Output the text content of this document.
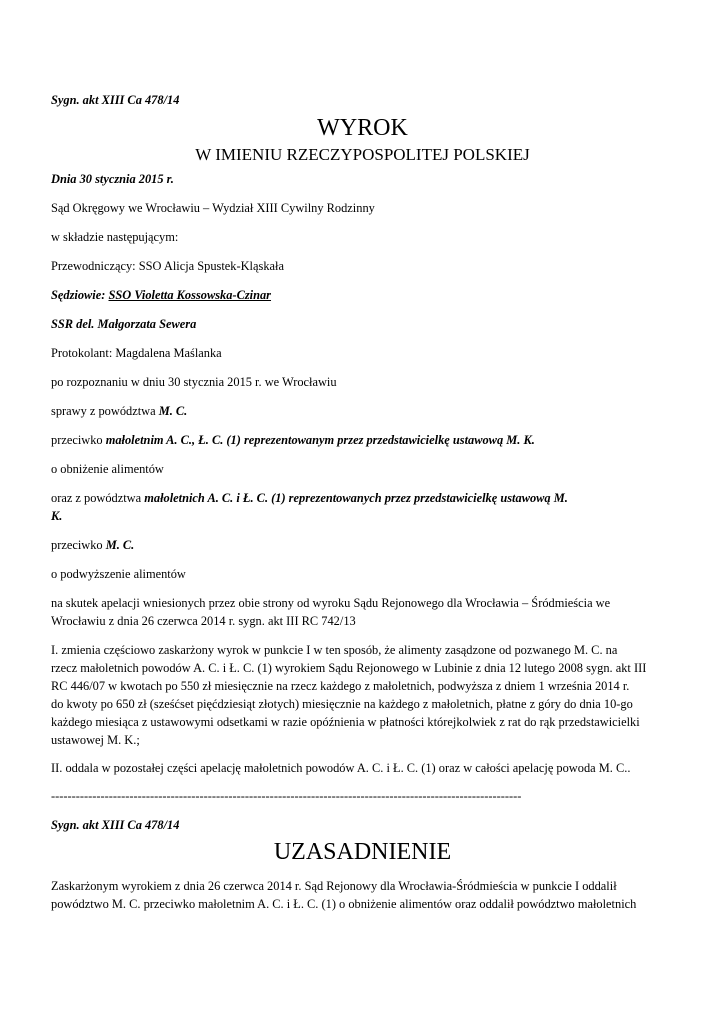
Sygn. akt XIII Ca 478/14
WYROK
W IMIENIU RZECZYPOSPOLITEJ POLSKIEJ
Dnia 30 stycznia 2015 r.
Sąd Okręgowy we Wrocławiu – Wydział XIII Cywilny Rodzinny
w składzie następującym:
Przewodniczący: SSO Alicja Spustek-Kląskała
Sędziowie: SSO Violetta Kossowska-Czinar
SSR del. Małgorzata Sewera
Protokolant: Magdalena Maślanka
po rozpoznaniu w dniu 30 stycznia 2015 r. we Wrocławiu
sprawy z powództwa M. C.
przeciwko małoletnim A. C., Ł. C. (1) reprezentowanym przez przedstawicielkę ustawową M. K.
o obniżenie alimentów
oraz z powództwa małoletnich A. C. i Ł. C. (1) reprezentowanych przez przedstawicielkę ustawową M.
K.
przeciwko M. C.
o podwyższenie alimentów
na skutek apelacji wniesionych przez obie strony od wyroku Sądu Rejonowego dla Wrocławia – Śródmieścia we
Wrocławiu z dnia 26 czerwca 2014 r. sygn. akt III RC 742/13
I. zmienia częściowo zaskarżony wyrok w punkcie I w ten sposób, że alimenty zasądzone od pozwanego M. C. na
rzecz małoletnich powodów A. C. i Ł. C. (1) wyrokiem Sądu Rejonowego w Lubinie z dnia 12 lutego 2008 sygn. akt III
RC 446/07 w kwotach po 550 zł miesięcznie na rzecz każdego z małoletnich, podwyższa z dniem 1 września 2014 r.
do kwoty po 650 zł (sześćset pięćdziesiąt złotych) miesięcznie na każdego z małoletnich, płatne z góry do dnia 10-go
każdego miesiąca z ustawowymi odsetkami w razie opóźnienia w płatności którejkolwiek z rat do rąk przedstawicielki
ustawowej M. K.;
II. oddala w pozostałej części apelację małoletnich powodów A. C. i Ł. C. (1) oraz w całości apelację powoda M. C..
------------------------------------------------------------------------------------------------------------------
Sygn. akt XIII Ca 478/14
UZASADNIENIE
Zaskarżonym wyrokiem z dnia 26 czerwca 2014 r. Sąd Rejonowy dla Wrocławia-Śródmieścia w punkcie I oddalił
powództwo M. C. przeciwko małoletnim A. C. i Ł. C. (1) o obniżenie alimentów oraz oddalił powództwo małoletnich
